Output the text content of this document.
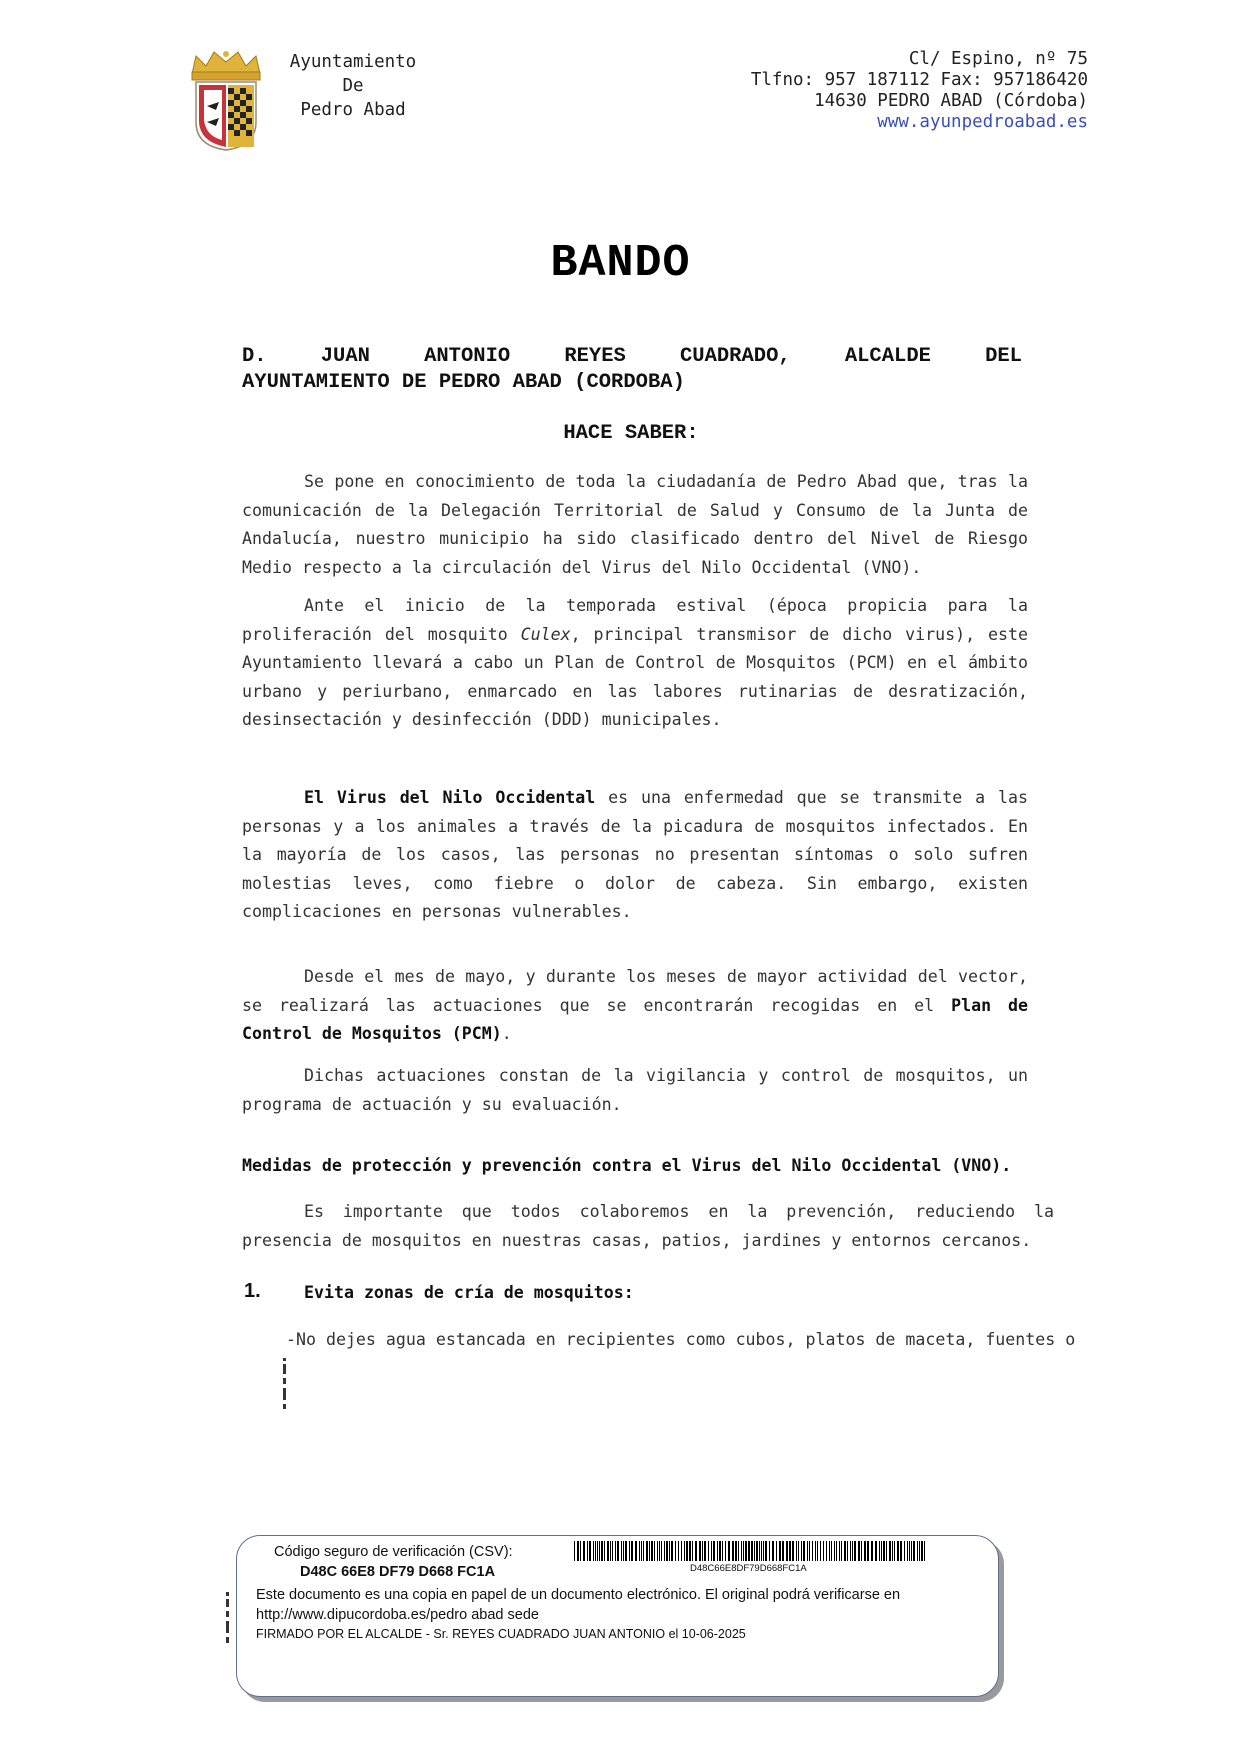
Ayuntamiento
De
Pedro Abad
Cl/ Espino, nº 75
Tlfno: 957 187112 Fax: 957186420
14630 PEDRO ABAD (Córdoba)
www.ayunpedroabad.es
BANDO
D.	JUAN	ANTONIO	REYES	CUADRADO,	ALCALDE	DEL
AYUNTAMIENTO DE PEDRO ABAD (CORDOBA)
HACE SABER:

Se pone en conocimiento de toda la ciudadanía de Pedro Abad que, tras la comunicación de la Delegación Territorial de Salud y Consumo de la Junta de Andalucía, nuestro municipio ha sido clasificado dentro del Nivel de Riesgo Medio respecto a la circulación del Virus del Nilo Occidental (VNO).

Ante el inicio de la temporada estival (época propicia para la proliferación del mosquito Culex, principal transmisor de dicho virus), este Ayuntamiento llevará a cabo un Plan de Control de Mosquitos (PCM) en el ámbito urbano y periurbano, enmarcado en las labores rutinarias de desratización, desinsectación y desinfección (DDD) municipales.

El Virus del Nilo Occidental es una enfermedad que se transmite a las personas y a los animales a través de la picadura de mosquitos infectados. En la mayoría de los casos, las personas no presentan síntomas o solo sufren molestias leves, como fiebre o dolor de cabeza. Sin embargo, existen complicaciones en personas vulnerables.

Desde el mes de mayo, y durante los meses de mayor actividad del vector, se realizará las actuaciones que se encontrarán recogidas en el Plan de Control de Mosquitos (PCM).

Dichas actuaciones constan de la vigilancia y control de mosquitos, un programa de actuación y su evaluación.

Medidas de protección y prevención contra el Virus del Nilo Occidental (VNO).

Es importante que todos colaboremos en la prevención, reduciendo la presencia de mosquitos en nuestras casas, patios, jardines y entornos cercanos.

1.	Evita zonas de cría de mosquitos:
-No dejes agua estancada en recipientes como cubos, platos de maceta, fuentes o
Código seguro de verificación (CSV):
D48C 66E8 DF79 D668 FC1A	D48C66E8DF79D668FC1A
Este documento es una copia en papel de un documento electrónico. El original podrá verificarse en http://www.dipucordoba.es/pedro abad sede
FIRMADO POR EL ALCALDE - Sr. REYES CUADRADO JUAN ANTONIO el 10-06-2025
